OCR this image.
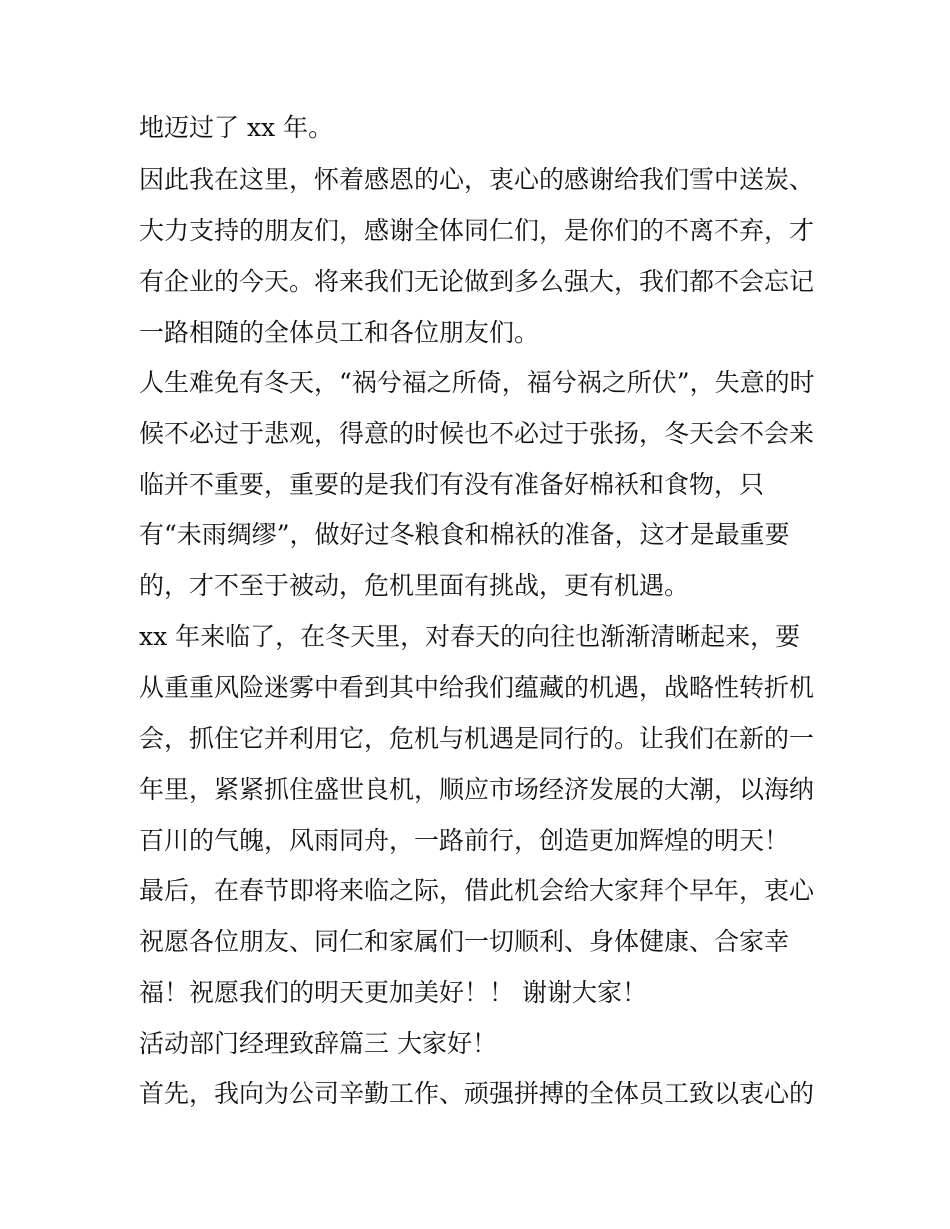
地迈过了 xx 年。
因此我在这里，怀着感恩的心，衷心的感谢给我们雪中送炭、
大力支持的朋友们，感谢全体同仁们，是你们的不离不弃，才
有企业的今天。将来我们无论做到多么强大，我们都不会忘记
一路相随的全体员工和各位朋友们。
人生难免有冬天，“祸兮福之所倚，福兮祸之所伏”，失意的时
候不必过于悲观，得意的时候也不必过于张扬，冬天会不会来
临并不重要，重要的是我们有没有准备好棉袄和食物，只
有“未雨绸缪”，做好过冬粮食和棉袄的准备，这才是最重要
的，才不至于被动，危机里面有挑战，更有机遇。
xx 年来临了，在冬天里，对春天的向往也渐渐清晰起来，要
从重重风险迷雾中看到其中给我们蕴藏的机遇，战略性转折机
会，抓住它并利用它，危机与机遇是同行的。让我们在新的一
年里，紧紧抓住盛世良机，顺应市场经济发展的大潮，以海纳
百川的气魄，风雨同舟，一路前行，创造更加辉煌的明天！
最后，在春节即将来临之际，借此机会给大家拜个早年，衷心
祝愿各位朋友、同仁和家属们一切顺利、身体健康、合家幸
福！祝愿我们的明天更加美好！！ 谢谢大家！
活动部门经理致辞篇三 大家好！
首先，我向为公司辛勤工作、顽强拼搏的全体员工致以衷心的
